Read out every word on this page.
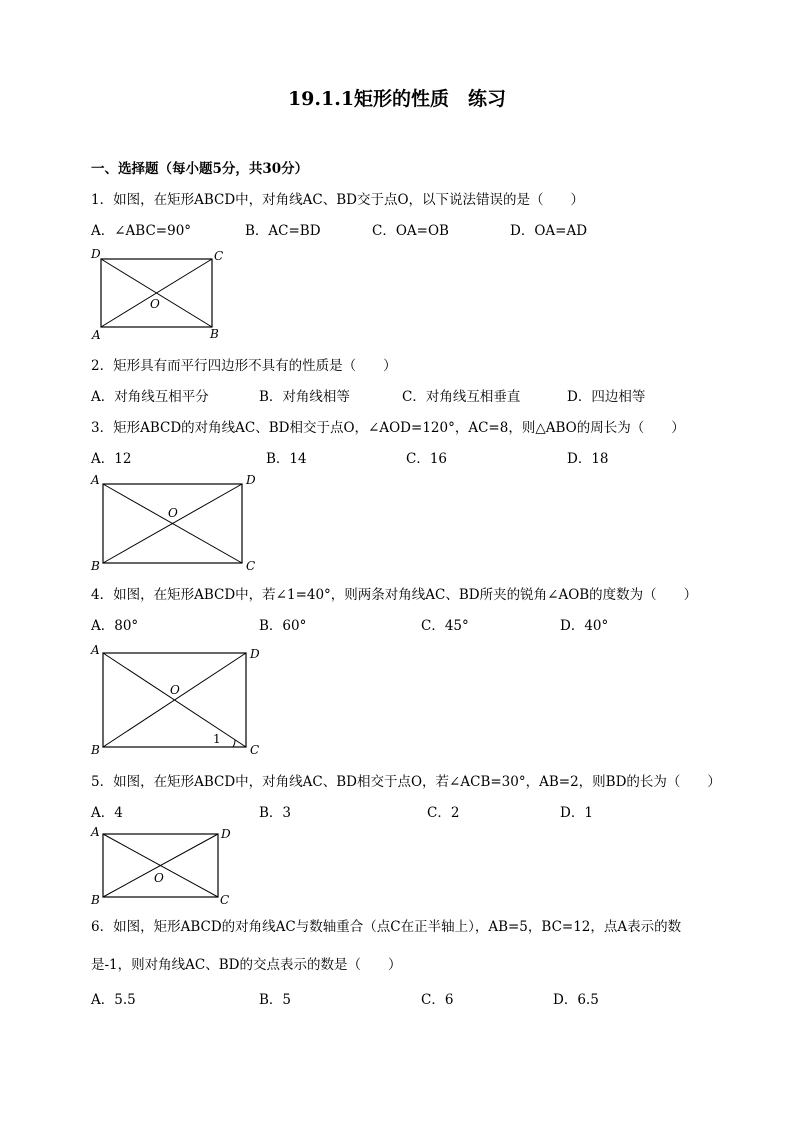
19.1.1矩形的性质　练习
一、选择题（每小题5分，共30分）
1．如图，在矩形ABCD中，对角线AC、BD交于点O，以下说法错误的是（　　）
A．∠ABC=90°	B．AC=BD	C．OA=OB	D．OA=AD
D	C
O
A	B
2．矩形具有而平行四边形不具有的性质是（　　）
A．对角线互相平分	B．对角线相等	C．对角线互相垂直	D．四边相等
3．矩形ABCD的对角线AC、BD相交于点O，∠AOD=120°，AC=8，则△ABO的周长为（　　）
A．12	B．14	C．16	D．18
A	D
O
B	C
4．如图，在矩形ABCD中，若∠1=40°，则两条对角线AC、BD所夹的锐角∠AOB的度数为（　　）
A．80°	B．60°	C．45°	D．40°
A	D
O
B	C
1
5．如图，在矩形ABCD中，对角线AC、BD相交于点O，若∠ACB=30°，AB=2，则BD的长为（　　）
A．4	B．3	C．2	D．1
A	D
O
B	C
6．如图，矩形ABCD的对角线AC与数轴重合（点C在正半轴上），AB=5，BC=12，点A表示的数
是-1，则对角线AC、BD的交点表示的数是（　　）
A．5.5	B．5	C．6	D．6.5
